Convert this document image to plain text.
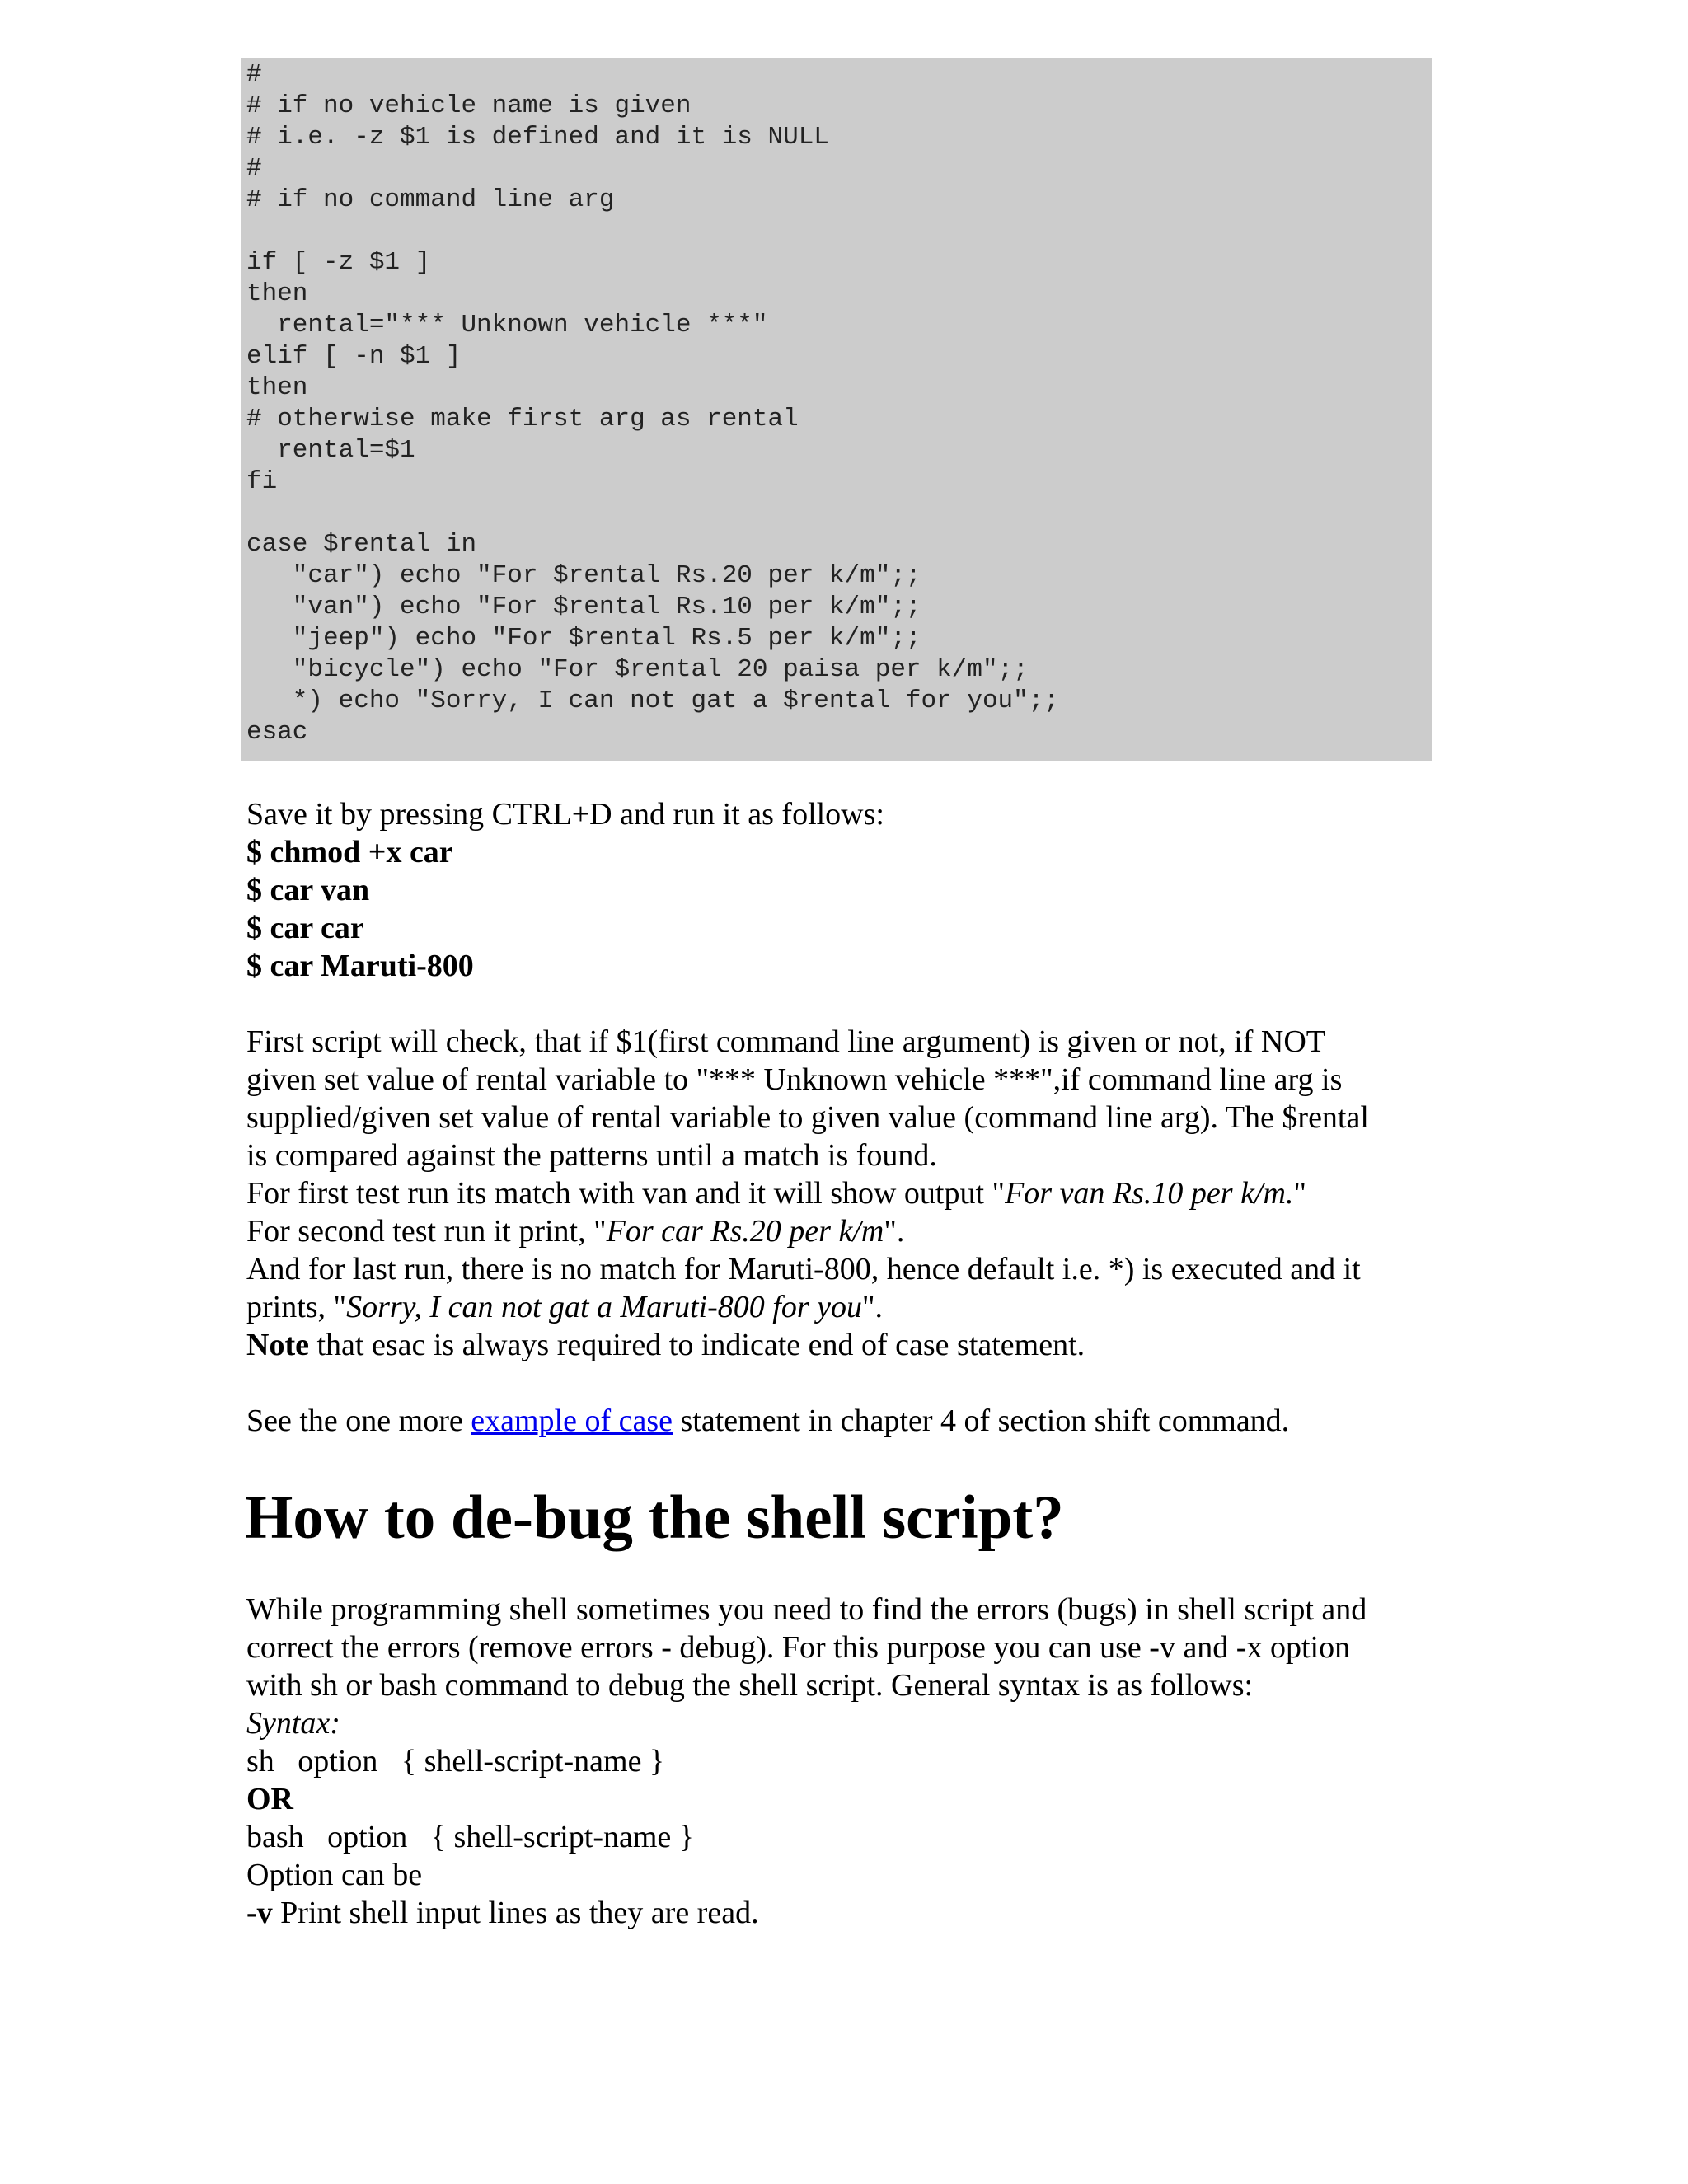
#
# if no vehicle name is given
# i.e. -z $1 is defined and it is NULL
#
# if no command line arg
if [ -z $1 ]
then
rental="*** Unknown vehicle ***"
elif [ -n $1 ]
then
# otherwise make first arg as rental
rental=$1
fi
case $rental in
"car") echo "For $rental Rs.20 per k/m";;
"van") echo "For $rental Rs.10 per k/m";;
"jeep") echo "For $rental Rs.5 per k/m";;
"bicycle") echo "For $rental 20 paisa per k/m";;
*) echo "Sorry, I can not gat a $rental for you";;
esac
Save it by pressing CTRL+D and run it as follows:
$ chmod +x car
$ car van
$ car car
$ car Maruti-800
First script will check, that if $1(first command line argument) is given or not, if NOT
given set value of rental variable to "*** Unknown vehicle ***",if command line arg is
supplied/given set value of rental variable to given value (command line arg). The $rental
is compared against the patterns until a match is found.
For first test run its match with van and it will show output "For van Rs.10 per k/m."
For second test run it print, "For car Rs.20 per k/m".
And for last run, there is no match for Maruti-800, hence default i.e. *) is executed and it
prints, "Sorry, I can not gat a Maruti-800 for you".
Note that esac is always required to indicate end of case statement.
See the one more example of case statement in chapter 4 of section shift command.
How to de-bug the shell script?
While programming shell sometimes you need to find the errors (bugs) in shell script and
correct the errors (remove errors - debug). For this purpose you can use -v and -x option
with sh or bash command to debug the shell script. General syntax is as follows:
Syntax:
sh   option   { shell-script-name }
OR
bash   option   { shell-script-name }
Option can be
-v Print shell input lines as they are read.
